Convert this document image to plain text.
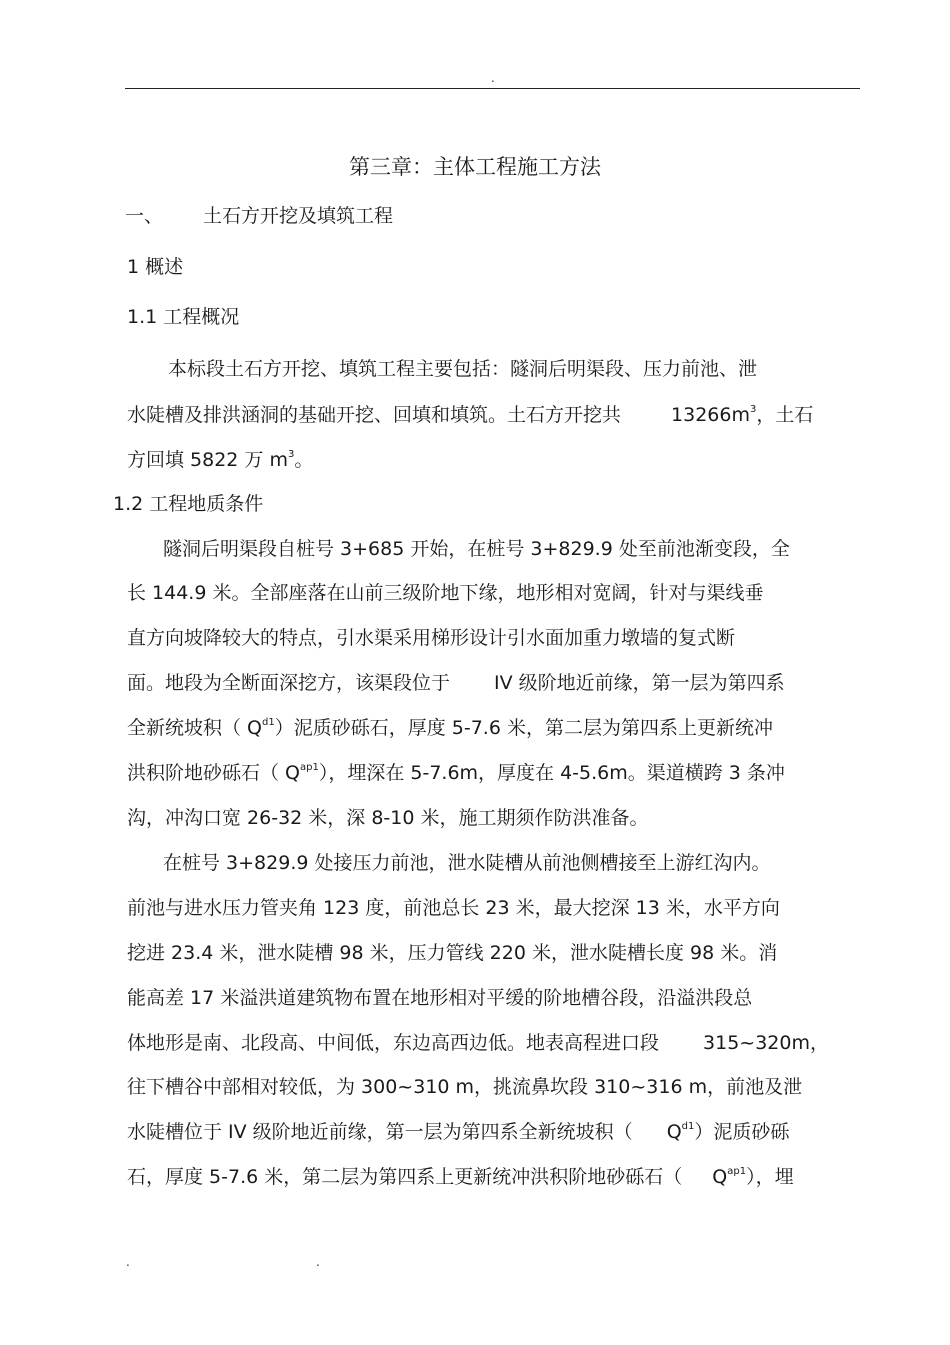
.
第三章：主体工程施工方法
一、 土石方开挖及填筑工程
1 概述
1.1 工程概况
本标段土石方开挖、填筑工程主要包括：隧洞后明渠段、压力前池、泄
水陡槽及排洪涵洞的基础开挖、回填和填筑。土石方开挖共	$13266m^3$，土石
方回填 5822 万 $m^3$。
1.2 工程地质条件
隧洞后明渠段自桩号 3+685 开始，在桩号 3+829.9 处至前池渐变段，全
长 144.9 米。全部座落在山前三级阶地下缘，地形相对宽阔，针对与渠线垂
直方向坡降较大的特点，引水渠采用梯形设计引水面加重力墩墙的复式断
面。地段为全断面深挖方，该渠段位于 IV 级阶地近前缘，第一层为第四系
全新统坡积（ $Q^{d1}$）泥质砂砾石，厚度 5-7.6 米，第二层为第四系上更新统冲
洪积阶地砂砾石（ $Q^{ap1}$），埋深在 5-7.6m，厚度在 4-5.6m。渠道横跨 3 条冲
沟，冲沟口宽 26-32 米，深 8-10 米，施工期须作防洪准备。
在桩号 3+829.9 处接压力前池，泄水陡槽从前池侧槽接至上游红沟内。
前池与进水压力管夹角 123 度，前池总长 23 米，最大挖深 13 米，水平方向
挖进 23.4 米，泄水陡槽 98 米，压力管线 220 米，泄水陡槽长度 98 米。消
能高差 17 米溢洪道建筑物布置在地形相对平缓的阶地槽谷段，沿溢洪段总
体地形是南、北段高、中间低，东边高西边低。地表高程进口段 315~320m，
往下槽谷中部相对较低，为 300~310 m，挑流鼻坎段 310~316 m，前池及泄
水陡槽位于 IV 级阶地近前缘，第一层为第四系全新统坡积（ $Q^{d1}$）泥质砂砾
石，厚度 5-7.6 米，第二层为第四系上更新统冲洪积阶地砂砾石（ $Q^{ap1}$），埋
.	.
